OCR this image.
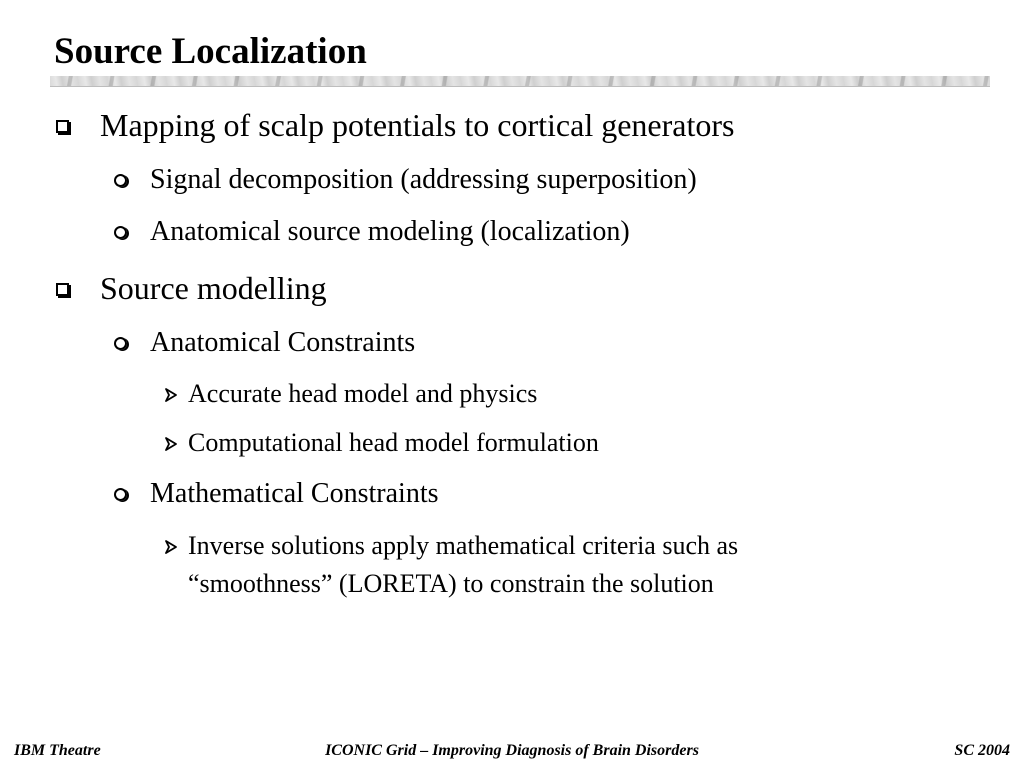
Source Localization
Mapping of scalp potentials to cortical generators
Signal decomposition (addressing superposition)
Anatomical source modeling (localization)
Source modelling
Anatomical Constraints
Accurate head model and physics
Computational head model formulation
Mathematical Constraints
Inverse solutions apply mathematical criteria such as
“smoothness” (LORETA) to constrain the solution
IBM Theatre	ICONIC Grid – Improving Diagnosis of Brain Disorders	SC 2004
